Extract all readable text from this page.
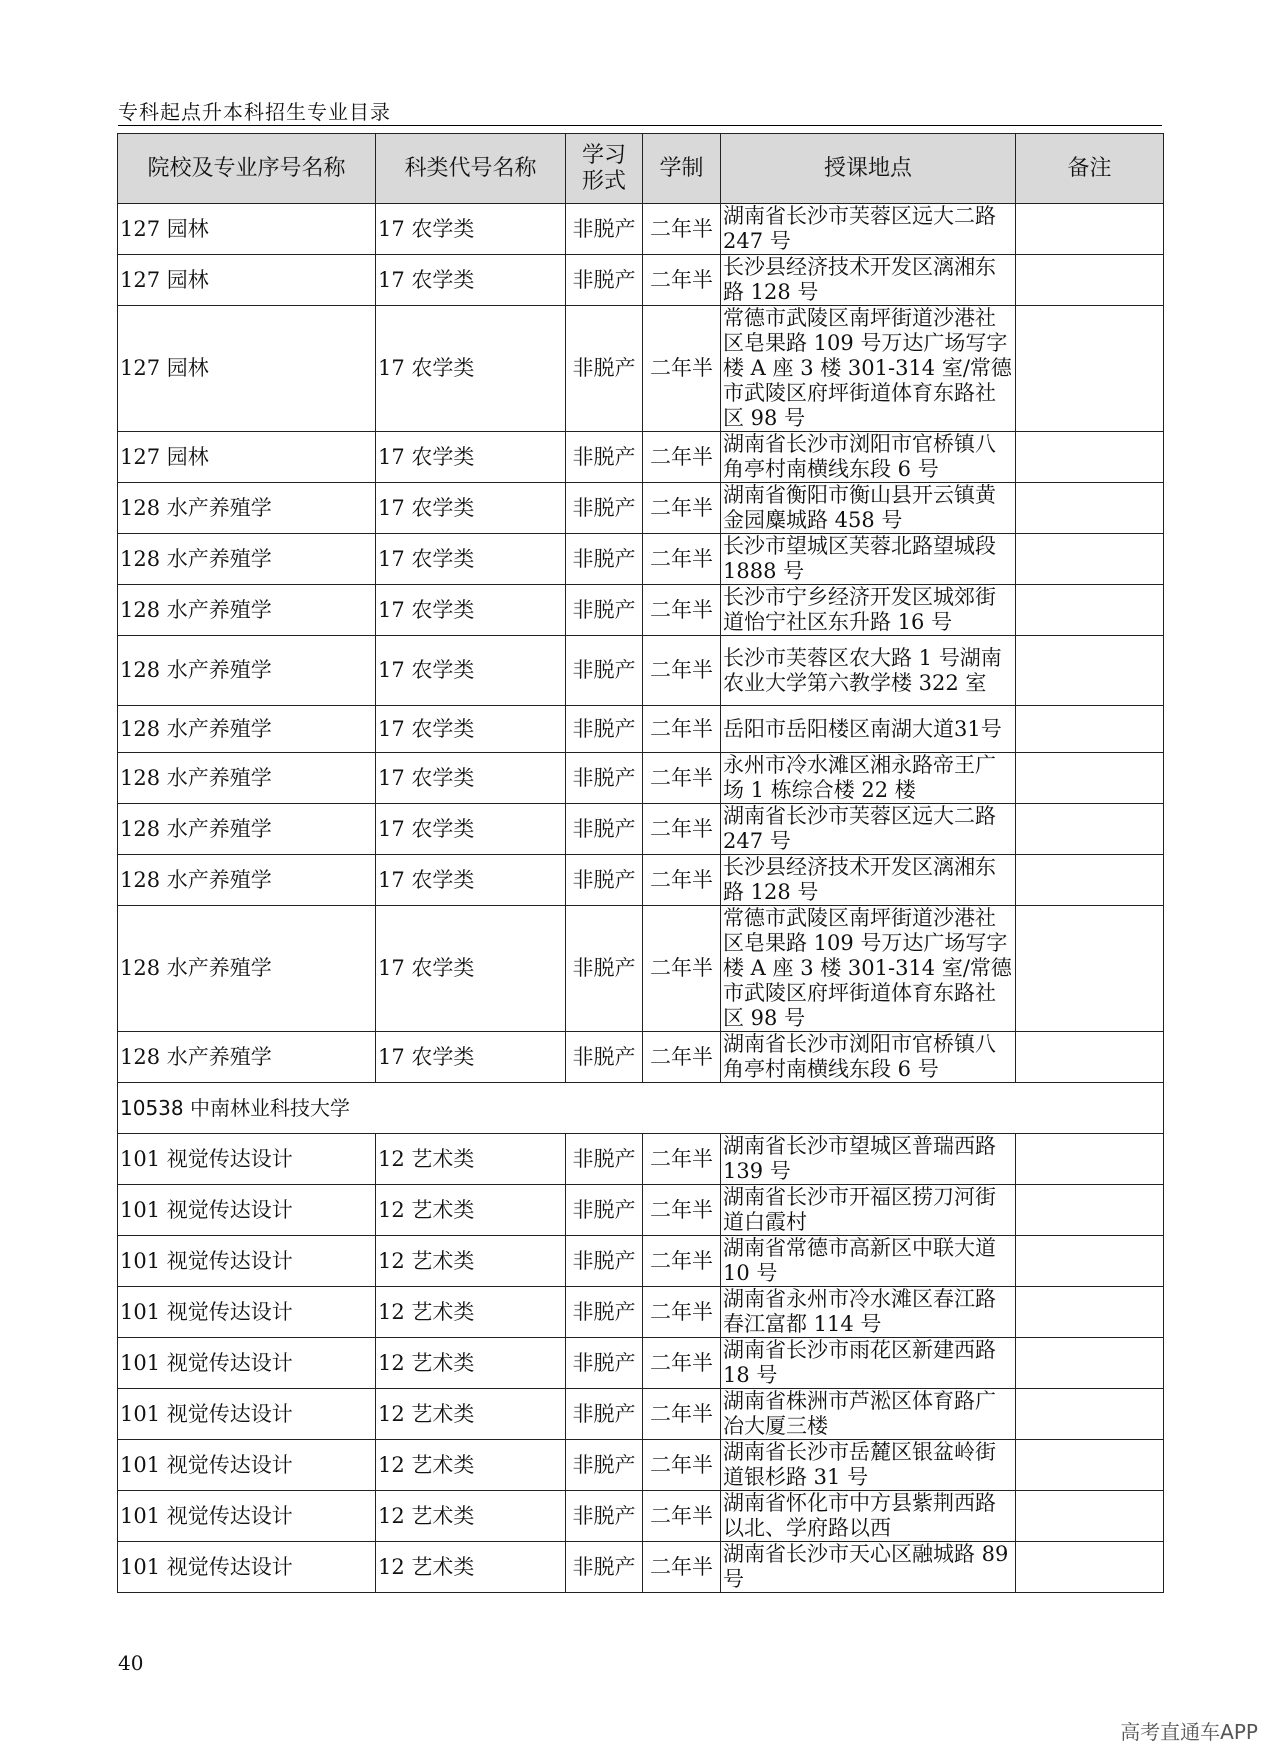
专科起点升本科招生专业目录
院校及专业序号名称	科类代号名称	学习形式	学制	授课地点	备注
127 园林	17 农学类	非脱产	二年半	湖南省长沙市芙蓉区远大二路 247 号	
127 园林	17 农学类	非脱产	二年半	长沙县经济技术开发区漓湘东路 128 号	
127 园林	17 农学类	非脱产	二年半	常德市武陵区南坪街道沙港社区皂果路 109 号万达广场写字楼 A 座 3 楼 301-314 室/常德市武陵区府坪街道体育东路社区 98 号	
127 园林	17 农学类	非脱产	二年半	湖南省长沙市浏阳市官桥镇八角亭村南横线东段 6 号	
128 水产养殖学	17 农学类	非脱产	二年半	湖南省衡阳市衡山县开云镇黄金园麋城路 458 号	
128 水产养殖学	17 农学类	非脱产	二年半	长沙市望城区芙蓉北路望城段 1888 号	
128 水产养殖学	17 农学类	非脱产	二年半	长沙市宁乡经济开发区城郊街道怡宁社区东升路 16 号	
128 水产养殖学	17 农学类	非脱产	二年半	长沙市芙蓉区农大路 1 号湖南农业大学第六教学楼 322 室	
128 水产养殖学	17 农学类	非脱产	二年半	岳阳市岳阳楼区南湖大道31号	
128 水产养殖学	17 农学类	非脱产	二年半	永州市冷水滩区湘永路帝王广场 1 栋综合楼 22 楼	
128 水产养殖学	17 农学类	非脱产	二年半	湖南省长沙市芙蓉区远大二路 247 号	
128 水产养殖学	17 农学类	非脱产	二年半	长沙县经济技术开发区漓湘东路 128 号	
128 水产养殖学	17 农学类	非脱产	二年半	常德市武陵区南坪街道沙港社区皂果路 109 号万达广场写字楼 A 座 3 楼 301-314 室/常德市武陵区府坪街道体育东路社区 98 号	
128 水产养殖学	17 农学类	非脱产	二年半	湖南省长沙市浏阳市官桥镇八角亭村南横线东段 6 号	
10538 中南林业科技大学					
101 视觉传达设计	12 艺术类	非脱产	二年半	湖南省长沙市望城区普瑞西路 139 号	
101 视觉传达设计	12 艺术类	非脱产	二年半	湖南省长沙市开福区捞刀河街道白霞村	
101 视觉传达设计	12 艺术类	非脱产	二年半	湖南省常德市高新区中联大道 10 号	
101 视觉传达设计	12 艺术类	非脱产	二年半	湖南省永州市冷水滩区春江路春江富都 114 号	
101 视觉传达设计	12 艺术类	非脱产	二年半	湖南省长沙市雨花区新建西路 18 号	
101 视觉传达设计	12 艺术类	非脱产	二年半	湖南省株洲市芦淞区体育路广冶大厦三楼	
101 视觉传达设计	12 艺术类	非脱产	二年半	湖南省长沙市岳麓区银盆岭街道银杉路 31 号	
101 视觉传达设计	12 艺术类	非脱产	二年半	湖南省怀化市中方县紫荆西路以北、学府路以西	
101 视觉传达设计	12 艺术类	非脱产	二年半	湖南省长沙市天心区融城路 89 号	
40
高考直通车APP
